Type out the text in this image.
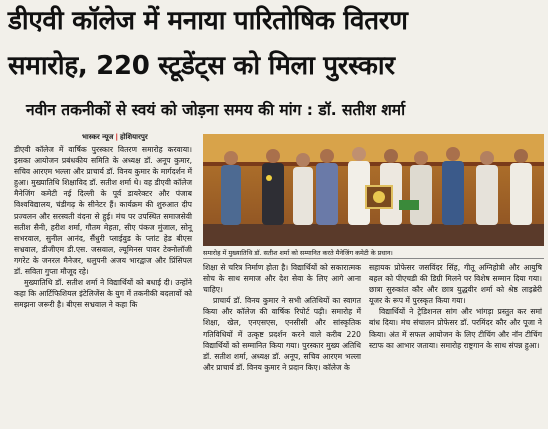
डीएवी कॉलेज में मनाया पारितोषिक वितरण
समारोह, 220 स्टूडेंट्स को मिला पुरस्कार
नवीन तकनीकों से स्वयं को जोड़ना समय की मांग : डॉ. सतीश शर्मा
भास्कर न्यूज | होशियारपुर

डीएवी कॉलेज में वार्षिक पुरस्कार वितरण समारोह करवाया। इसका आयोजन प्रबंधकीय समिति के अध्यक्ष डॉ. अनूप कुमार, सचिव आरएम भल्ला और प्राचार्य डॉ. विनय कुमार के मार्गदर्शन में हुआ। मुख्यातिथि शिक्षाविद डॉ. सतीश शर्मा थे। वह डीएवी कॉलेज मैनेजिंग कमेटी नई दिल्ली के पूर्व डायरेक्टर और पंजाब विश्वविद्यालय, चंडीगढ़ के सीनेटर हैं। कार्यक्रम की शुरुआत दीप प्रज्वलन और सरस्वती वंदना से हुई। मंच पर उपस्थित समाजसेवी सतीश सैनी, हरीश शर्मा, गौतम मेहता, सीए पंकज मुंजाल, सोनू सभरवाल, सुनील आनंद, सैंधुरी प्लाईवुड के प्लांट हेड बीएस सभ्रवाल, डीजीएम डी.एस. जसवाल, ल्यूमिनस पावर टेक्नोलॉजी गगरेट के जनरल मैनेजर, धलुपनी अजय भारद्वाज और प्रिंसिपल डॉ. सविता गुप्ता मौजूद रहे।

मुख्यातिथि डॉ. सतीश शर्मा ने विद्यार्थियों को बधाई दी। उन्होंने कहा कि आर्टिफिशियल इंटेलिजेंस के युग में तकनीकी बदलावों को समझना जरूरी है। बीएस सभ्रवाल ने कहा कि

समारोह में मुख्यातिथि डॉ. सतीश शर्मा को सम्मानित करते मैनेजिंग कमेटी के प्रधान।

शिक्षा से चरित्र निर्माण होता है। विद्यार्थियों को सकारात्मक सोच के साथ समाज और देश सेवा के लिए आगे आना चाहिए।

प्राचार्य डॉ. विनय कुमार ने सभी अतिथियों का स्वागत किया और कॉलेज की वार्षिक रिपोर्ट पढ़ी। समारोह में शिक्षा, खेल, एनएसएस, एनसीसी और सांस्कृतिक गतिविधियों में उत्कृष्ट प्रदर्शन करने वाले करीब 220 विद्यार्थियों को सम्मानित किया गया। पुरस्कार मुख्य अतिथि डॉ. सतीश शर्मा, अध्यक्ष डॉ. अनूप, सचिव आरएम भल्ला और प्राचार्य डॉ. विनय कुमार ने प्रदान किए। कॉलेज के

सहायक प्रोफेसर जसविंदर सिंह, गीतू अग्निहोत्री और आयुषि बहल को पीएचडी की डिग्री मिलने पर विशेष सम्मान दिया गया। छात्रा सुरुकांत कौर और छात्र युद्धवीर शर्मा को श्रेष्ठ लाइब्रेरी यूजर के रूप में पुरस्कृत किया गया।

विद्यार्थियों ने ट्रेडिशनल सांग और भांगड़ा प्रस्तुत कर समां बांध दिया। मंच संचालन प्रोफेसर डॉ. परमिंदर कौर और पूजा ने किया। अंत में सफल आयोजन के लिए टीचिंग और नॉन टीचिंग स्टाफ का आभार जताया। समारोह राष्ट्रगान के साथ संपन्न हुआ।
